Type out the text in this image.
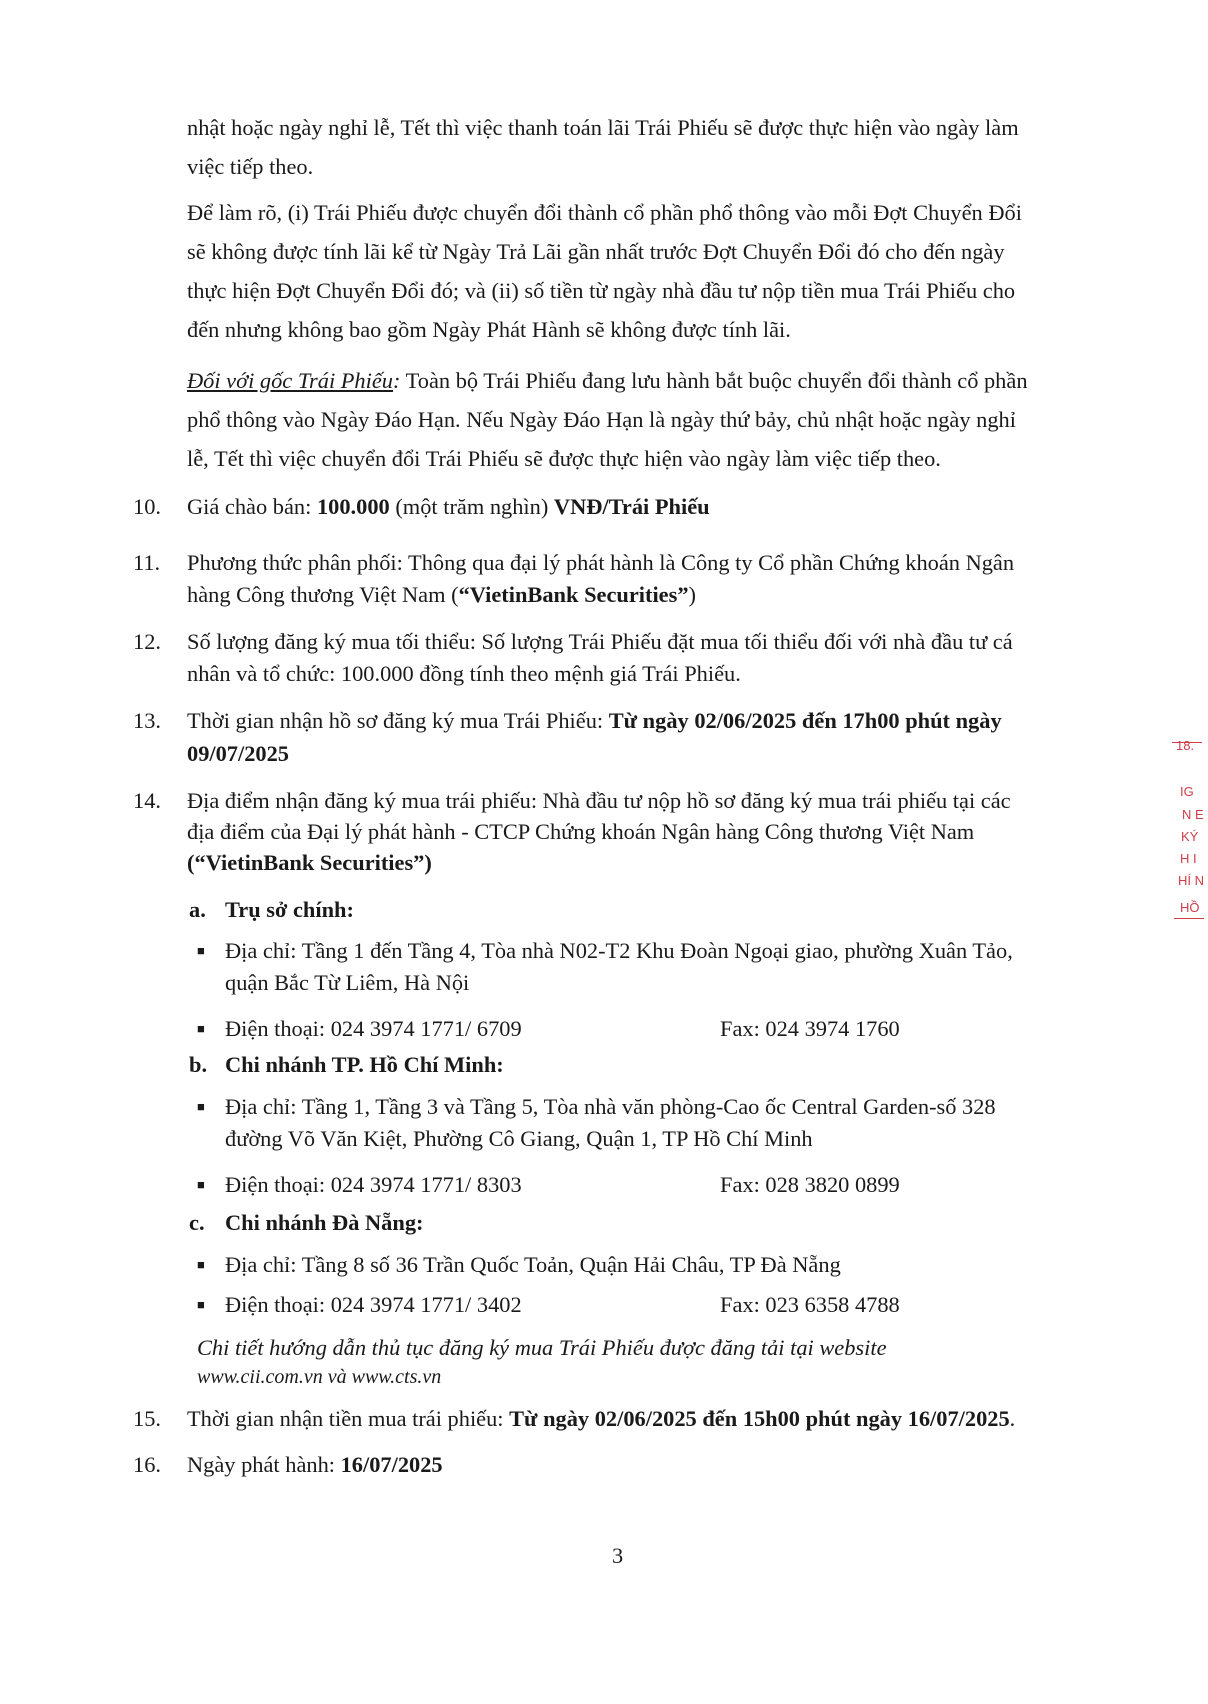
nhật hoặc ngày nghỉ lễ, Tết thì việc thanh toán lãi Trái Phiếu sẽ được thực hiện vào ngày làm
việc tiếp theo.
Để làm rõ, (i) Trái Phiếu được chuyển đổi thành cổ phần phổ thông vào mỗi Đợt Chuyển Đổi
sẽ không được tính lãi kể từ Ngày Trả Lãi gần nhất trước Đợt Chuyển Đổi đó cho đến ngày
thực hiện Đợt Chuyển Đổi đó; và (ii) số tiền từ ngày nhà đầu tư nộp tiền mua Trái Phiếu cho
đến nhưng không bao gồm Ngày Phát Hành sẽ không được tính lãi.
Đối với gốc Trái Phiếu: Toàn bộ Trái Phiếu đang lưu hành bắt buộc chuyển đổi thành cổ phần
phổ thông vào Ngày Đáo Hạn. Nếu Ngày Đáo Hạn là ngày thứ bảy, chủ nhật hoặc ngày nghỉ
lễ, Tết thì việc chuyển đổi Trái Phiếu sẽ được thực hiện vào ngày làm việc tiếp theo.
10. Giá chào bán: 100.000 (một trăm nghìn) VNĐ/Trái Phiếu
11. Phương thức phân phối: Thông qua đại lý phát hành là Công ty Cổ phần Chứng khoán Ngân
hàng Công thương Việt Nam (“VietinBank Securities”)
12. Số lượng đăng ký mua tối thiểu: Số lượng Trái Phiếu đặt mua tối thiểu đối với nhà đầu tư cá
nhân và tổ chức: 100.000 đồng tính theo mệnh giá Trái Phiếu.
13. Thời gian nhận hồ sơ đăng ký mua Trái Phiếu: Từ ngày 02/06/2025 đến 17h00 phút ngày
09/07/2025
14. Địa điểm nhận đăng ký mua trái phiếu: Nhà đầu tư nộp hồ sơ đăng ký mua trái phiếu tại các
địa điểm của Đại lý phát hành - CTCP Chứng khoán Ngân hàng Công thương Việt Nam
(“VietinBank Securities”)
a. Trụ sở chính:
■ Địa chỉ: Tầng 1 đến Tầng 4, Tòa nhà N02-T2 Khu Đoàn Ngoại giao, phường Xuân Tảo,
quận Bắc Từ Liêm, Hà Nội
■ Điện thoại: 024 3974 1771/ 6709	Fax: 024 3974 1760
b. Chi nhánh TP. Hồ Chí Minh:
■ Địa chỉ: Tầng 1, Tầng 3 và Tầng 5, Tòa nhà văn phòng-Cao ốc Central Garden-số 328
đường Võ Văn Kiệt, Phường Cô Giang, Quận 1, TP Hồ Chí Minh
■ Điện thoại: 024 3974 1771/ 8303	Fax: 028 3820 0899
c. Chi nhánh Đà Nẵng:
■ Địa chỉ: Tầng 8 số 36 Trần Quốc Toản, Quận Hải Châu, TP Đà Nẵng
■ Điện thoại: 024 3974 1771/ 3402	Fax: 023 6358 4788
Chi tiết hướng dẫn thủ tục đăng ký mua Trái Phiếu được đăng tải tại website
www.cii.com.vn và www.cts.vn
15. Thời gian nhận tiền mua trái phiếu: Từ ngày 02/06/2025 đến 15h00 phút ngày 16/07/2025.
16. Ngày phát hành: 16/07/2025
3
18.
IG
N E
KÝ
H I
HÍ N
HỒ
